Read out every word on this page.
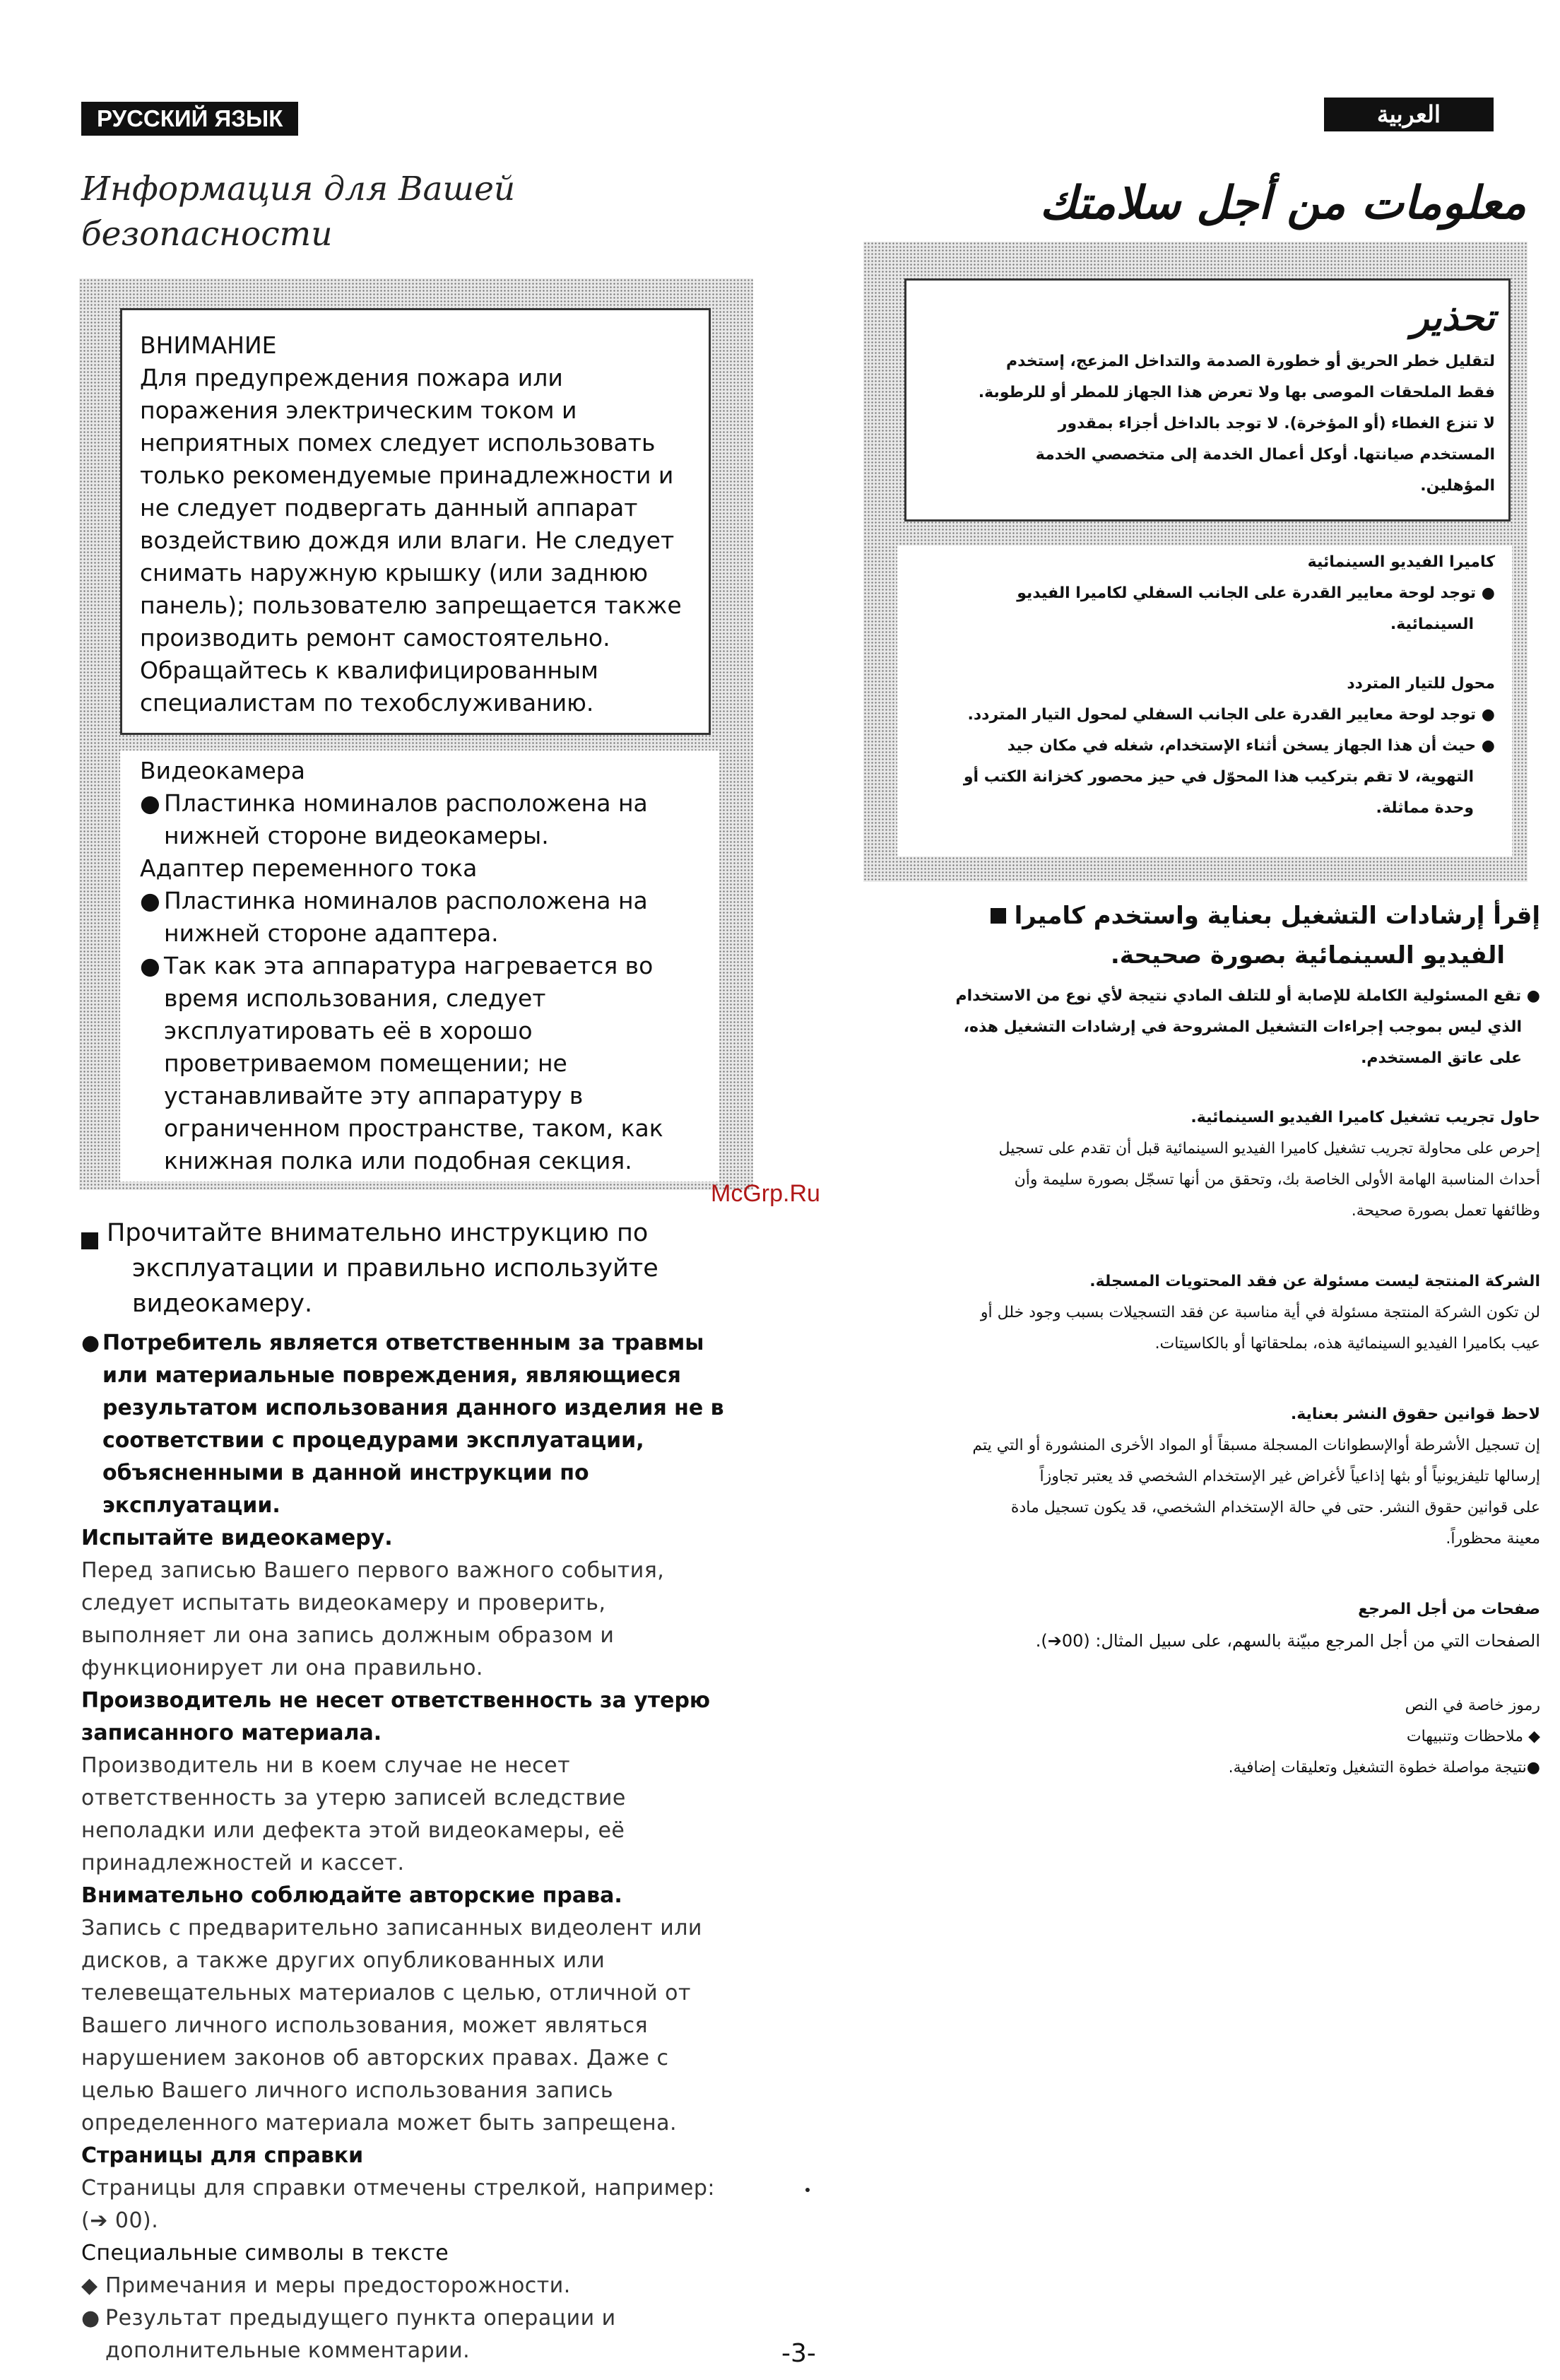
РУССКИЙ ЯЗЫК	العربية
Информация для Вашей
безопасности
معلومات من أجل سلامتك
ВНИМАНИЕ
Для предупреждения пожара или
поражения электрическим током и
неприятных помех следует использовать
только рекомендуемые принадлежности и
не следует подвергать данный аппарат
воздействию дождя или влаги. Не следует
снимать наружную крышку (или заднюю
панель); пользователю запрещается также
производить ремонт самостоятельно.
Обращайтесь к квалифицированным
специалистам по техобслуживанию.
Видеокамера
● Пластинка номиналов расположена на
нижней стороне видеокамеры.
Адаптер переменного тока
● Пластинка номиналов расположена на
нижней стороне адаптера.
● Так как эта аппаратура нагревается во
время использования, следует
эксплуатировать её в хорошо
проветриваемом помещении; не
устанавливайте эту аппаратуру в
ограниченном пространстве, таком, как
книжная полка или подобная секция.
McGrp.Ru
Прочитайте внимательно инструкцию по
эксплуатации и правильно используйте
видеокамеру.
● Потребитель является ответственным за травмы
или материальные повреждения, являющиеся
результатом использования данного изделия не в
соответствии с процедурами эксплуатации,
объясненными в данной инструкции по
эксплуатации.
Испытайте видеокамеру.
Перед записью Вашего первого важного события,
следует испытать видеокамеру и проверить,
выполняет ли она запись должным образом и
функционирует ли она правильно.
Производитель не несет ответственность за утерю
записанного материала.
Производитель ни в коем случае не несет
ответственность за утерю записей вследствие
неполадки или дефекта этой видеокамеры, её
принадлежностей и кассет.
Внимательно соблюдайте авторские права.
Запись с предварительно записанных видеолент или
дисков, а также других опубликованных или
телевещательных материалов с целью, отличной от
Вашего личного использования, может являться
нарушением законов об авторских правах. Даже с
целью Вашего личного использования запись
определенного материала может быть запрещена.
Страницы для справки
Страницы для справки отмечены стрелкой, например:
(➔ 00).
Специальные символы в тексте
◆ Примечания и меры предосторожности.
● Результат предыдущего пункта операции и
дополнительные комментарии.
تحذير
لتقليل خطر الحريق أو خطورة الصدمة والتداخل المزعج، إستخدم
فقط الملحقات الموصى بها ولا تعرض هذا الجهاز للمطر أو للرطوبة.
لا تنزع الغطاء (أو المؤخرة). لا توجد بالداخل أجزاء بمقدور
المستخدم صيانتها. أوكل أعمال الخدمة إلى متخصصي الخدمة
المؤهلين.
كاميرا الفيديو السينمائية
● توجد لوحة معايير القدرة على الجانب السفلي لكاميرا الفيديو
السينمائية.
محول للتيار المتردد
● توجد لوحة معايير القدرة على الجانب السفلي لمحول التيار المتردد.
● حيث أن هذا الجهاز يسخن أثناء الإستخدام، شغله في مكان جيد
التهوية، لا تقم بتركيب هذا المحوّل في حيز محصور كخزانة الكتب أو
وحدة مماثلة.
إقرأ إرشادات التشغيل بعناية واستخدم كاميرا
الفيديو السينمائية بصورة صحيحة.
● تقع المسئولية الكاملة للإصابة أو للتلف المادي نتيجة لأي نوع من الاستخدام
الذي ليس بموجب إجراءات التشغيل المشروحة في إرشادات التشغيل هذه،
على عاتق المستخدم.
حاول تجريب تشغيل كاميرا الفيديو السينمائية.
إحرص على محاولة تجريب تشغيل كاميرا الفيديو السينمائية قبل أن تقدم على تسجيل
أحداث المناسبة الهامة الأولى الخاصة بك، وتحقق من أنها تسجّل بصورة سليمة وأن
وظائفها تعمل بصورة صحيحة.
الشركة المنتجة ليست مسئولة عن فقد المحتويات المسجلة.
لن تكون الشركة المنتجة مسئولة في أية مناسبة عن فقد التسجيلات بسبب وجود خلل أو
عيب بكاميرا الفيديو السينمائية هذه، بملحقاتها أو بالكاسيتات.
لاحظ قوانين حقوق النشر بعناية.
إن تسجيل الأشرطة أوالإسطوانات المسجلة مسبقاً أو المواد الأخرى المنشورة أو التي يتم
إرسالها تليفزيونياً أو بثها إذاعياً لأغراض غير الإستخدام الشخصي قد يعتبر تجاوزاً
على قوانين حقوق النشر. حتى في حالة الإستخدام الشخصي، قد يكون تسجيل مادة
معينة محظوراً.
صفحات من أجل المرجع
الصفحات التي من أجل المرجع مبيّنة بالسهم، على سبيل المثال: (00➔).
رموز خاصة في النص
◆ ملاحظات وتنبيهات
●نتيجة مواصلة خطوة التشغيل وتعليقات إضافية.
-3-
